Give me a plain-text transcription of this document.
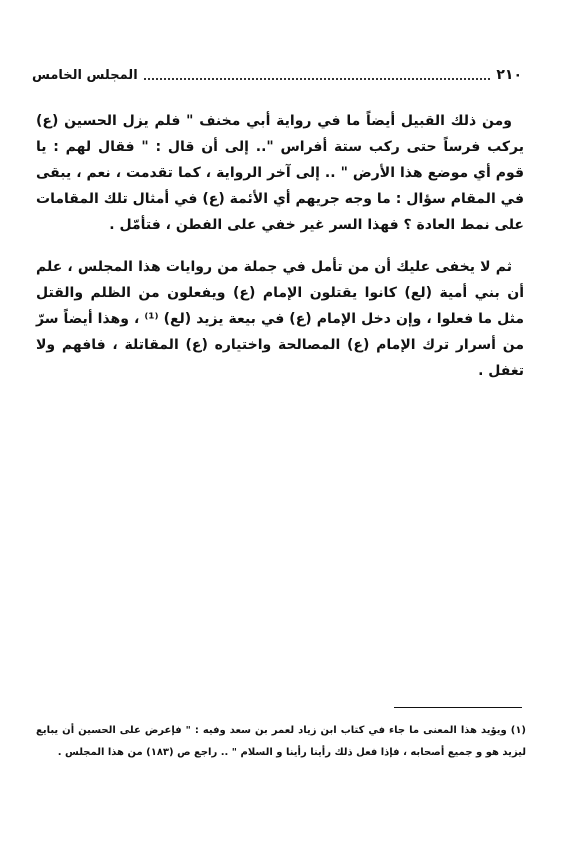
٢١٠
المجلس الخامس

ومن ذلك القبيل أيضاً ما في رواية أبي مخنف " فلم يزل الحسين (ع) يركب فرساً حتى ركب ستة أفراس ".. إلى أن قال : " فقال لهم : يا قوم أي موضع هذا الأرض " .. إلى آخر الرواية ، كما تقدمت ، نعم ، يبقى في المقام سؤال : ما وجه جريهم أي الأئمة (ع) في أمثال تلك المقامات على نمط العادة ؟ فهذا السر غير خفي على الفطن ، فتأمّل .

ثم لا يخفى عليك أن من تأمل في جملة من روايات هذا المجلس ، علم أن بني أمية (لع) كانوا يقتلون الإمام (ع) ويفعلون من الظلم والقتل مثل ما فعلوا ، وإن دخل الإمام (ع) في بيعة يزيد (لع) ⁽¹⁾ ، وهذا أيضاً سرّ من أسرار ترك الإمام (ع) المصالحة واختياره (ع) المقاتلة ، فافهم ولا تغفل .

(١) ويؤيد هذا المعنى ما جاء في كتاب ابن زياد لعمر بن سعد وفيه : " فإعرض على الحسين أن يبايع ليزيد هو و جميع أصحابه ، فإذا فعل ذلك رأينا رأينا و السلام " .. راجع ص (١٨٣) من هذا المجلس .
